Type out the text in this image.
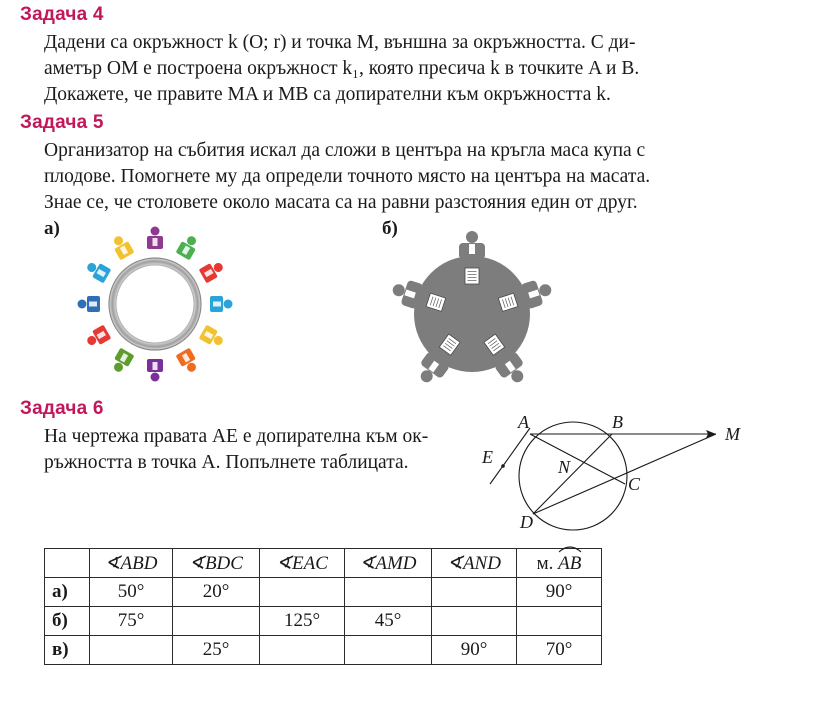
Задача 4
Дадени са окръжност k (O; r) и точка M, външна за окръжността. С ди-
аметър OM е построена окръжност k₁, която пресича k в точките A и B.
Докажете, че правите MA и MB са допирателни към окръжността k.
Задача 5
Организатор на събития искал да сложи в центъра на кръгла маса купа с
плодове. Помогнете му да определи точното място на центъра на масата.
Знае се, че столовете около масата са на равни разстояния един от друг.
а)	б)
Задача 6
На чертежа правата AE е допирателна към ок-
ръжността в точка A. Попълнете таблицата.
A	B
M
E	N
C
D
	∢ABD	∢BDC	∢EAC	∢AMD	∢AND	м. AB
а)	50°	20°				90°
б)	75°		125°	45°		
в)		25°			90°	70°
